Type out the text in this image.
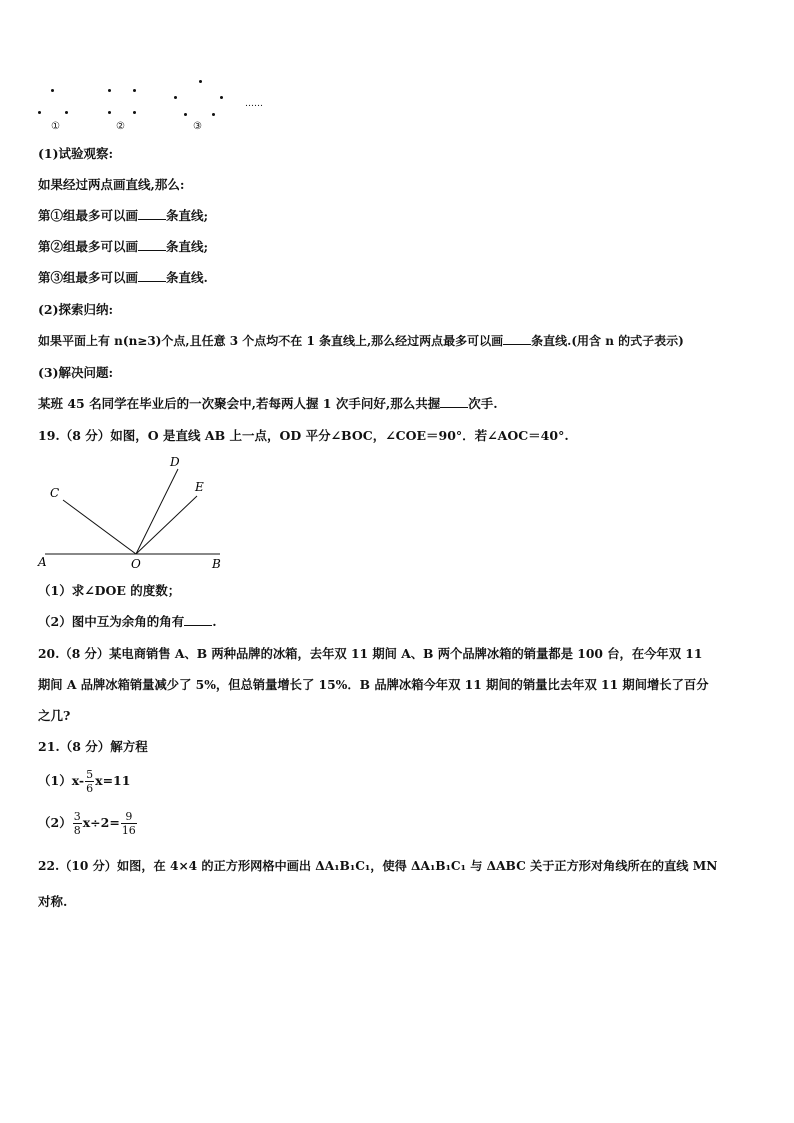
①	②	③
……
(1)试验观察:
如果经过两点画直线,那么:
第①组最多可以画 条直线;
第②组最多可以画 条直线;
第③组最多可以画 条直线.
(2)探索归纳:
如果平面上有 n(n≥3)个点,且任意 3 个点均不在 1 条直线上,那么经过两点最多可以画 条直线.(用含 n 的式子表示)
(3)解决问题:
某班 45 名同学在毕业后的一次聚会中,若每两人握 1 次手问好,那么共握 次手.
19.（8 分）如图，O 是直线 AB 上一点，OD 平分∠BOC，∠COE＝90°．若∠AOC＝40°.
A	B
C
D
E
O
（1）求∠DOE 的度数；
（2）图中互为余角的角有 .
20.（8 分）某电商销售 A、B 两种品牌的冰箱，去年双 11 期间 A、B 两个品牌冰箱的销量都是 100 台，在今年双 11
期间 A 品牌冰箱销量减少了 5%，但总销量增长了 15%．B 品牌冰箱今年双 11 期间的销量比去年双 11 期间增长了百分
之几?
21.（8 分）解方程
$(1)x- \frac{5}{6} x=11$
$(2) \frac{3}{8} x\div 2= \frac{9}{16}$
22.（10 分）如图，在 4×4 的正方形网格中画出 ΔA₁B₁C₁，使得 ΔA₁B₁C₁ 与 ΔABC 关于正方形对角线所在的直线 MN
对称.
